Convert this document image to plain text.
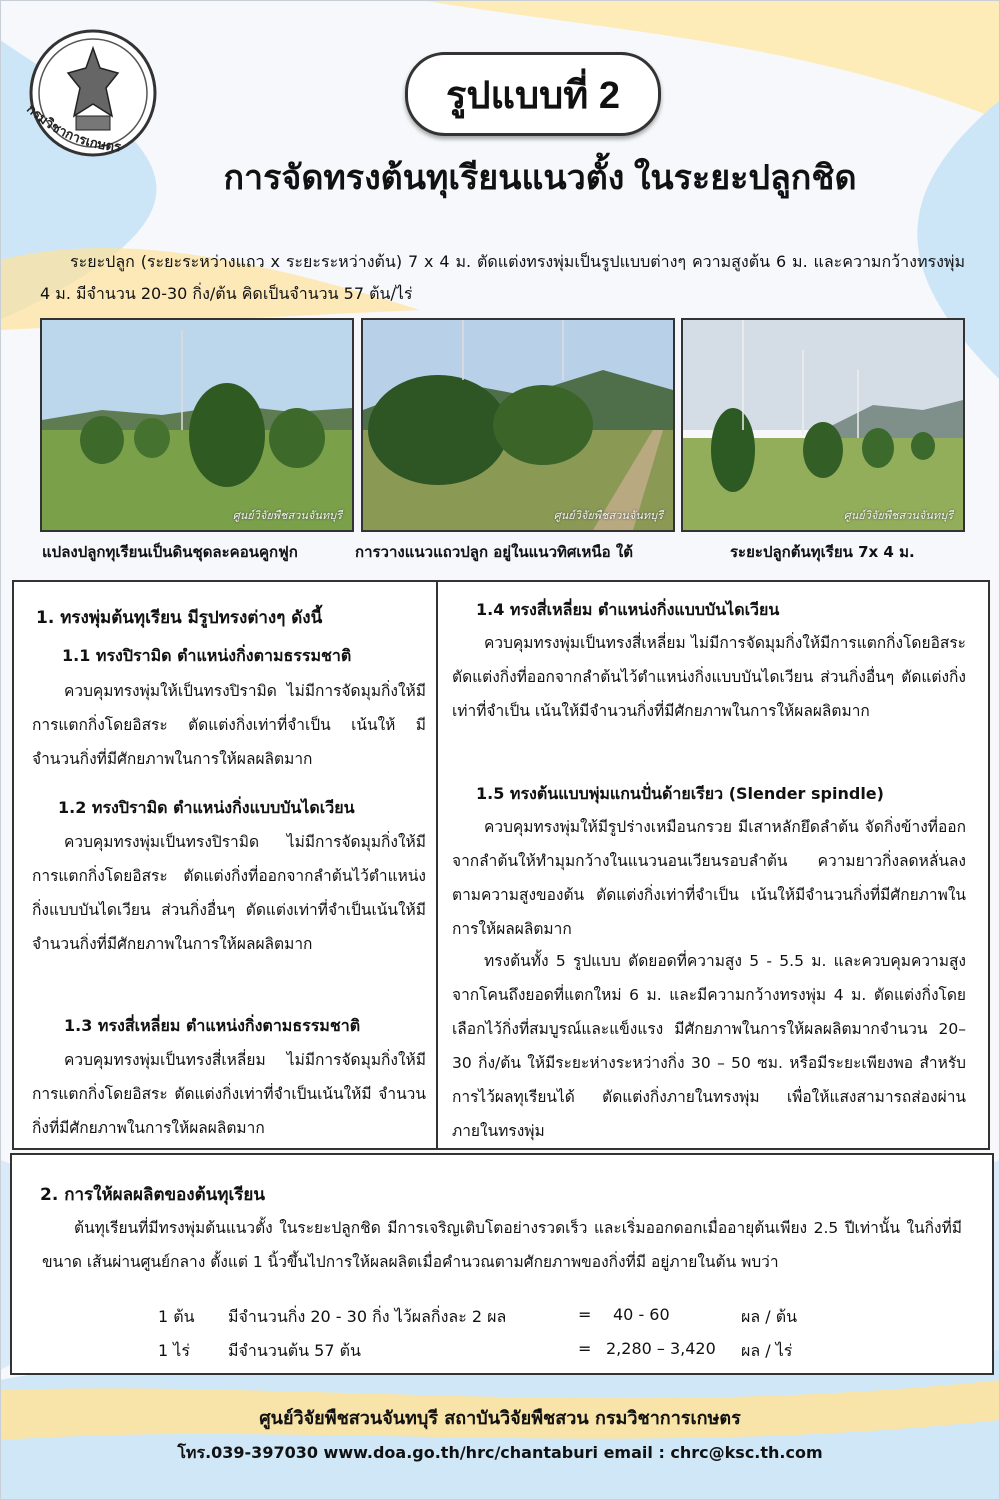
กรมวิชาการเกษตร
รูปแบบที่ 2
การจัดทรงต้นทุเรียนแนวตั้ง ในระยะปลูกชิด
ระยะปลูก (ระยะระหว่างแถว x ระยะระหว่างต้น) 7 x 4 ม. ตัดแต่งทรงพุ่มเป็นรูปแบบต่างๆ ความสูงต้น 6 ม. และความกว้างทรงพุ่ม 4 ม. มีจำนวน 20-30 กิ่ง/ต้น คิดเป็นจำนวน 57 ต้น/ไร่
ศูนย์วิจัยพืชสวนจันทบุรี	ศูนย์วิจัยพืชสวนจันทบุรี	ศูนย์วิจัยพืชสวนจันทบุรี
แปลงปลูกทุเรียนเป็นดินชุดละคอนคูกฟูก	การวางแนวแถวปลูก อยู่ในแนวทิศเหนือ ใต้	ระยะปลูกต้นทุเรียน 7x 4 ม.
1. ทรงพุ่มต้นทุเรียน มีรูปทรงต่างๆ ดังนี้
1.1 ทรงปิรามิด ตำแหน่งกิ่งตามธรรมชาติ
ควบคุมทรงพุ่มให้เป็นทรงปิรามิด ไม่มีการจัดมุมกิ่งให้มีการแตกกิ่งโดยอิสระ ตัดแต่งกิ่งเท่าที่จำเป็น เน้นให้ มีจำนวนกิ่งที่มีศักยภาพในการให้ผลผลิตมาก
1.2 ทรงปิรามิด ตำแหน่งกิ่งแบบบันไดเวียน
ควบคุมทรงพุ่มเป็นทรงปิรามิด ไม่มีการจัดมุมกิ่งให้มีการแตกกิ่งโดยอิสระ ตัดแต่งกิ่งที่ออกจากลำต้นไว้ตำแหน่งกิ่งแบบบันไดเวียน ส่วนกิ่งอื่นๆ ตัดแต่งเท่าที่จำเป็นเน้นให้มีจำนวนกิ่งที่มีศักยภาพในการให้ผลผลิตมาก
1.3 ทรงสี่เหลี่ยม ตำแหน่งกิ่งตามธรรมชาติ
ควบคุมทรงพุ่มเป็นทรงสี่เหลี่ยม ไม่มีการจัดมุมกิ่งให้มีการแตกกิ่งโดยอิสระ ตัดแต่งกิ่งเท่าที่จำเป็นเน้นให้มี จำนวนกิ่งที่มีศักยภาพในการให้ผลผลิตมาก
1.4 ทรงสี่เหลี่ยม ตำแหน่งกิ่งแบบบันไดเวียน
ควบคุมทรงพุ่มเป็นทรงสี่เหลี่ยม ไม่มีการจัดมุมกิ่งให้มีการแตกกิ่งโดยอิสระ ตัดแต่งกิ่งที่ออกจากลำต้นไว้ตำแหน่งกิ่งแบบบันไดเวียน ส่วนกิ่งอื่นๆ ตัดแต่งกิ่งเท่าที่จำเป็น เน้นให้มีจำนวนกิ่งที่มีศักยภาพในการให้ผลผลิตมาก
1.5 ทรงต้นแบบพุ่มแกนปั่นด้ายเรียว (Slender spindle)
ควบคุมทรงพุ่มให้มีรูปร่างเหมือนกรวย มีเสาหลักยึดลำต้น จัดกิ่งข้างที่ออกจากลำต้นให้ทำมุมกว้างในแนวนอนเวียนรอบลำต้น ความยาวกิ่งลดหลั่นลง ตามความสูงของต้น ตัดแต่งกิ่งเท่าที่จำเป็น เน้นให้มีจำนวนกิ่งที่มีศักยภาพใน การให้ผลผลิตมาก
ทรงต้นทั้ง 5 รูปแบบ ตัดยอดที่ความสูง 5 - 5.5 ม. และควบคุมความสูง จากโคนถึงยอดที่แตกใหม่ 6 ม. และมีความกว้างทรงพุ่ม 4 ม. ตัดแต่งกิ่งโดย เลือกไว้กิ่งที่สมบูรณ์และแข็งแรง มีศักยภาพในการให้ผลผลิตมากจำนวน 20–30 กิ่ง/ต้น ให้มีระยะห่างระหว่างกิ่ง 30 – 50 ซม. หรือมีระยะเพียงพอ สำหรับการไว้ผลทุเรียนได้ ตัดแต่งกิ่งภายในทรงพุ่ม เพื่อให้แสงสามารถส่องผ่าน ภายในทรงพุ่ม
2. การให้ผลผลิตของต้นทุเรียน
ต้นทุเรียนที่มีทรงพุ่มต้นแนวตั้ง ในระยะปลูกชิด มีการเจริญเติบโตอย่างรวดเร็ว และเริ่มออกดอกเมื่ออายุต้นเพียง 2.5 ปีเท่านั้น ในกิ่งที่มีขนาด เส้นผ่านศูนย์กลาง ตั้งแต่ 1 นิ้วขึ้นไปการให้ผลผลิตเมื่อคำนวณตามศักยภาพของกิ่งที่มี อยู่ภายในต้น พบว่า
1 ต้น มีจำนวนกิ่ง 20 - 30 กิ่ง ไว้ผลกิ่งละ 2 ผล	= 40 - 60	ผล / ต้น
1 ไร่ มีจำนวนต้น 57 ต้น	= 2,280 – 3,420 ผล / ไร่
ศูนย์วิจัยพืชสวนจันทบุรี สถาบันวิจัยพืชสวน กรมวิชาการเกษตร
โทร.039-397030 www.doa.go.th/hrc/chantaburi email : chrc@ksc.th.com
